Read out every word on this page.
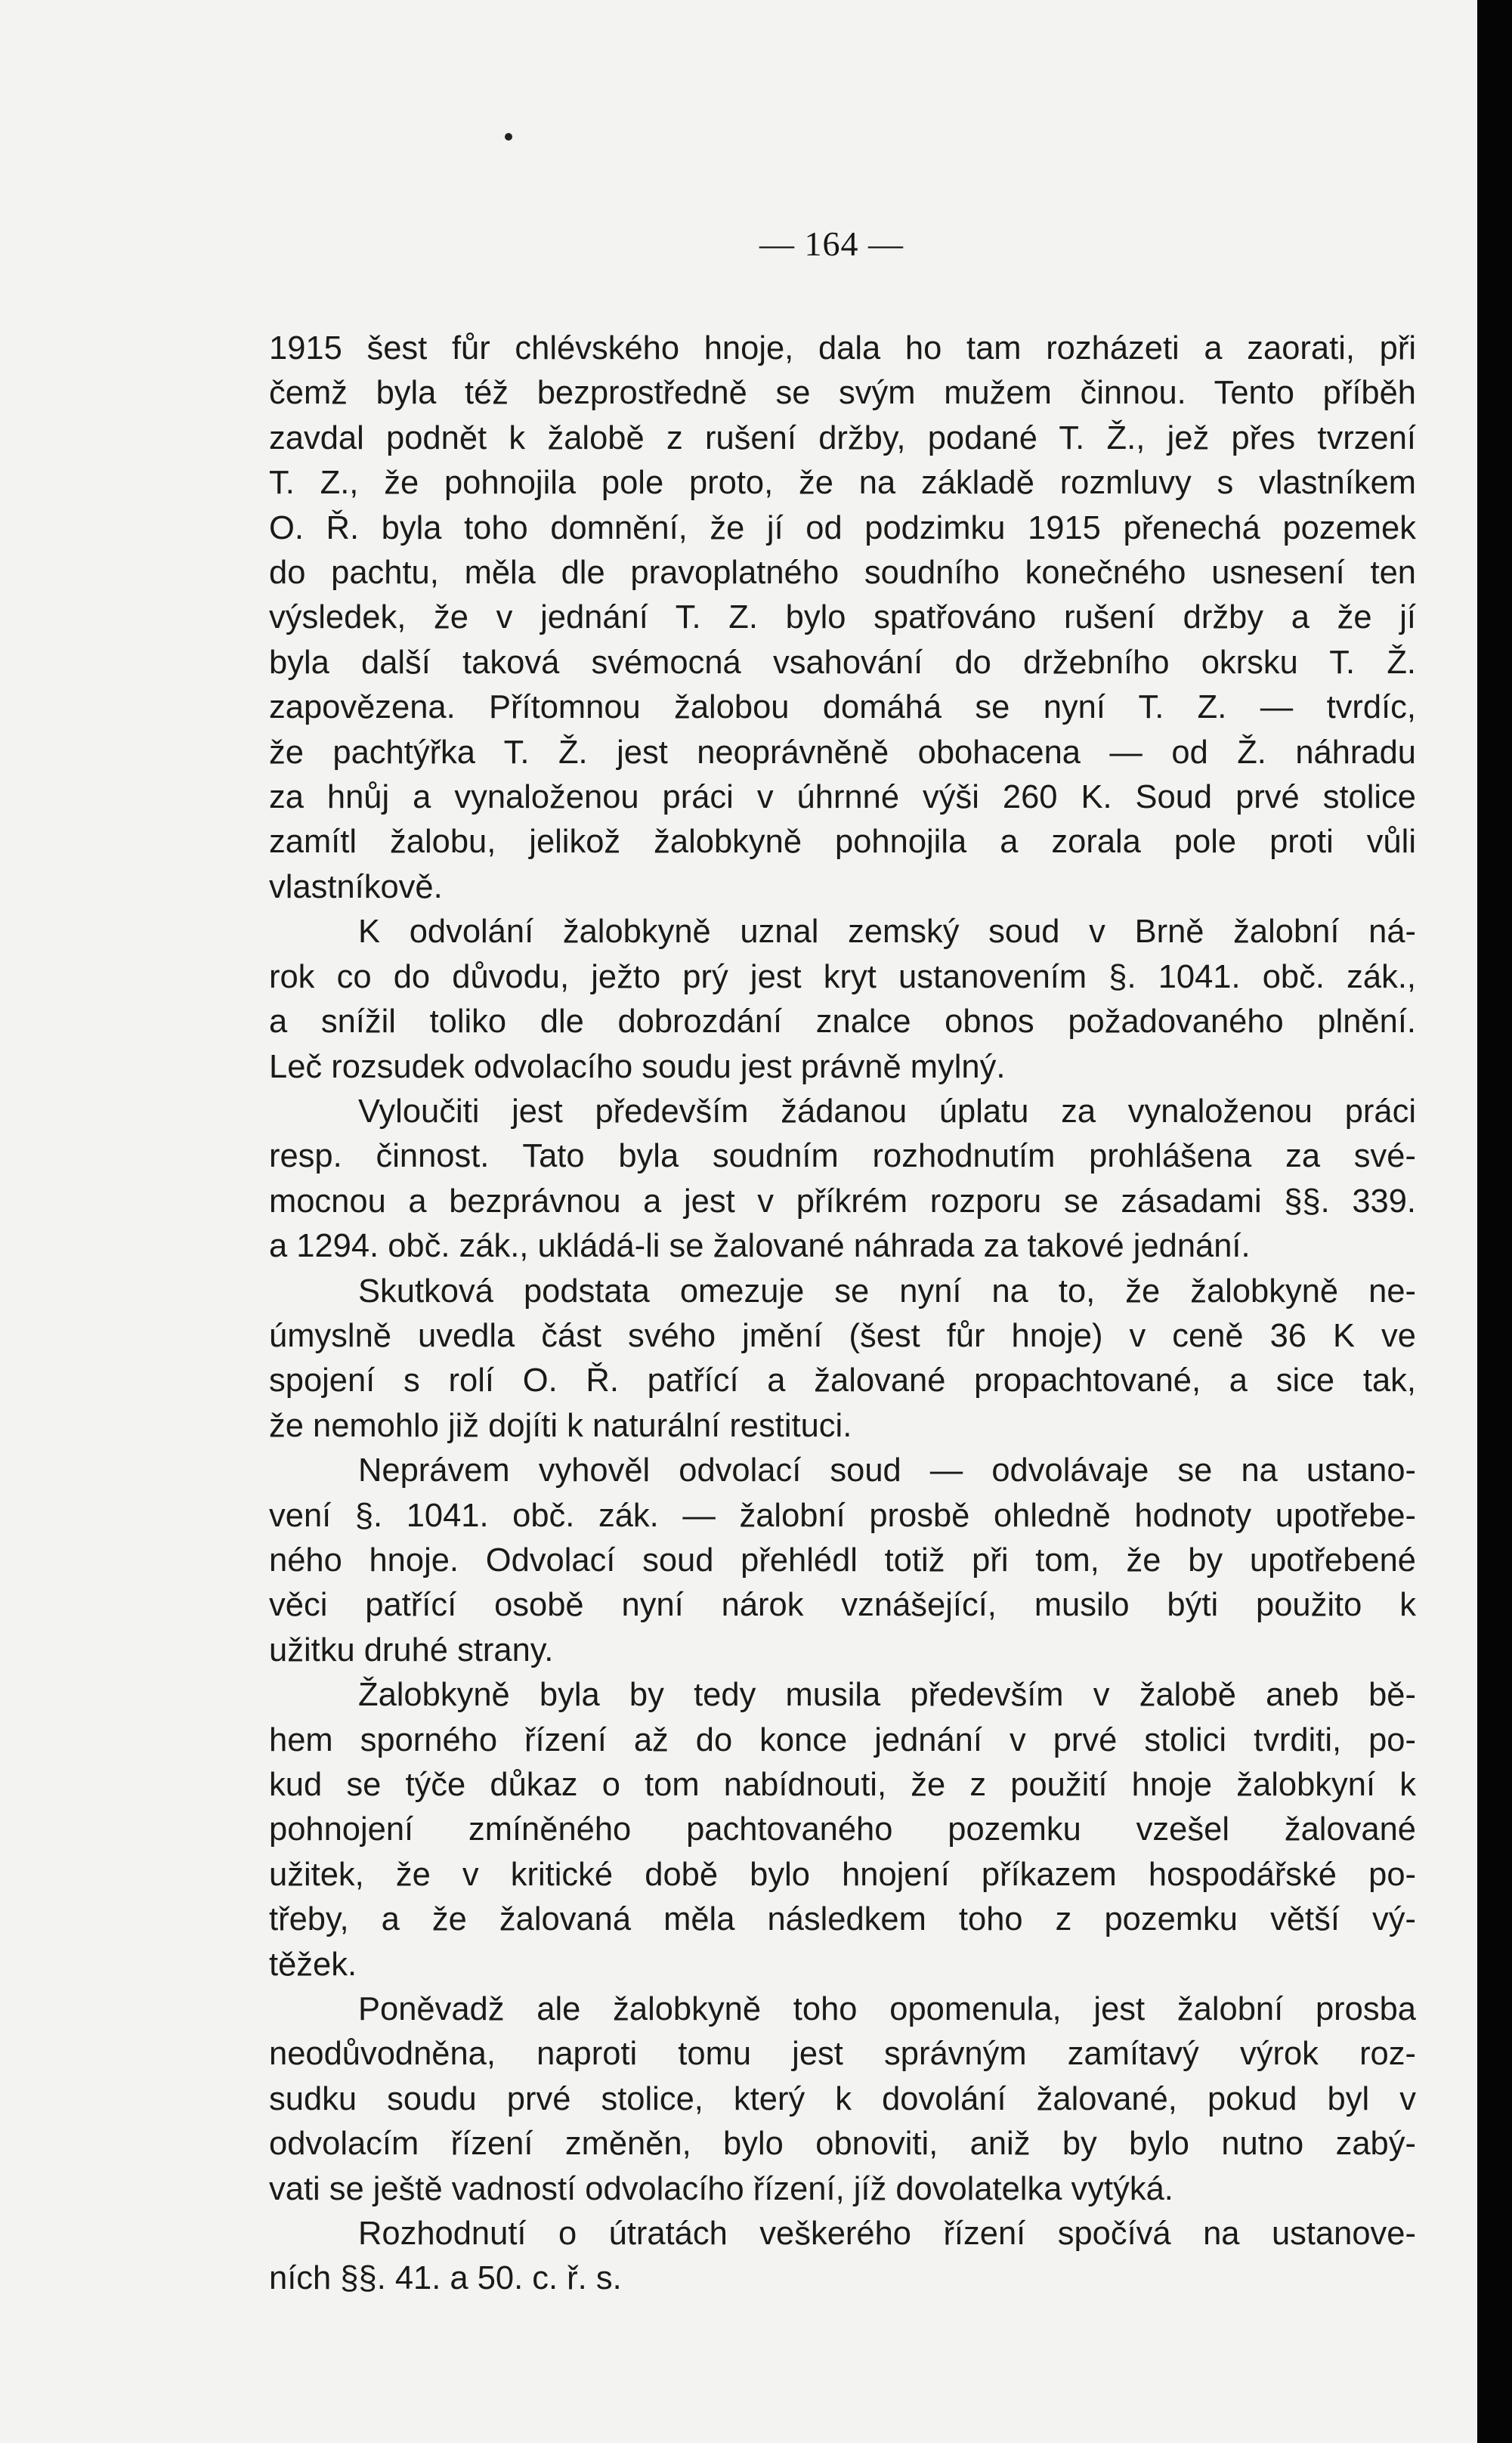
— 164 —
1915 šest fůr chlévského hnoje, dala ho tam rozházeti a zaorati, při
čemž byla též bezprostředně se svým mužem činnou. Tento příběh
zavdal podnět k žalobě z rušení držby, podané T. Ž., jež přes tvrzení
T. Z., že pohnojila pole proto, že na základě rozmluvy s vlastníkem
O. Ř. byla toho domnění, že jí od podzimku 1915 přenechá pozemek
do pachtu, měla dle pravoplatného soudního konečného usnesení ten
výsledek, že v jednání T. Z. bylo spatřováno rušení držby a že jí
byla další taková svémocná vsahování do držebního okrsku T. Ž.
zapovězena. Přítomnou žalobou domáhá se nyní T. Z. — tvrdíc,
že pachtýřka T. Ž. jest neoprávněně obohacena — od Ž. náhradu
za hnůj a vynaloženou práci v úhrnné výši 260 K. Soud prvé stolice
zamítl žalobu, jelikož žalobkyně pohnojila a zorala pole proti vůli
vlastníkově.
K odvolání žalobkyně uznal zemský soud v Brně žalobní ná-
rok co do důvodu, ježto prý jest kryt ustanovením §. 1041. obč. zák.,
a snížil toliko dle dobrozdání znalce obnos požadovaného plnění.
Leč rozsudek odvolacího soudu jest právně mylný.
Vyloučiti jest především žádanou úplatu za vynaloženou práci
resp. činnost. Tato byla soudním rozhodnutím prohlášena za své-
mocnou a bezprávnou a jest v příkrém rozporu se zásadami §§. 339.
a 1294. obč. zák., ukládá-li se žalované náhrada za takové jednání.
Skutková podstata omezuje se nyní na to, že žalobkyně ne-
úmyslně uvedla část svého jmění (šest fůr hnoje) v ceně 36 K ve
spojení s rolí O. Ř. patřící a žalované propachtované, a sice tak,
že nemohlo již dojíti k naturální restituci.
Neprávem vyhověl odvolací soud — odvolávaje se na ustano-
vení §. 1041. obč. zák. — žalobní prosbě ohledně hodnoty upotřebe-
ného hnoje. Odvolací soud přehlédl totiž při tom, že by upotřebené
věci patřící osobě nyní nárok vznášející, musilo býti použito k
užitku druhé strany.
Žalobkyně byla by tedy musila především v žalobě aneb bě-
hem sporného řízení až do konce jednání v prvé stolici tvrditi, po-
kud se týče důkaz o tom nabídnouti, že z použití hnoje žalobkyní k
pohnojení zmíněného pachtovaného pozemku vzešel žalované
užitek, že v kritické době bylo hnojení příkazem hospodářské po-
třeby, a že žalovaná měla následkem toho z pozemku větší vý-
těžek.
Poněvadž ale žalobkyně toho opomenula, jest žalobní prosba
neodůvodněna, naproti tomu jest správným zamítavý výrok roz-
sudku soudu prvé stolice, který k dovolání žalované, pokud byl v
odvolacím řízení změněn, bylo obnoviti, aniž by bylo nutno zabý-
vati se ještě vadností odvolacího řízení, jíž dovolatelka vytýká.
Rozhodnutí o útratách veškerého řízení spočívá na ustanove-
ních §§. 41. a 50. c. ř. s.
